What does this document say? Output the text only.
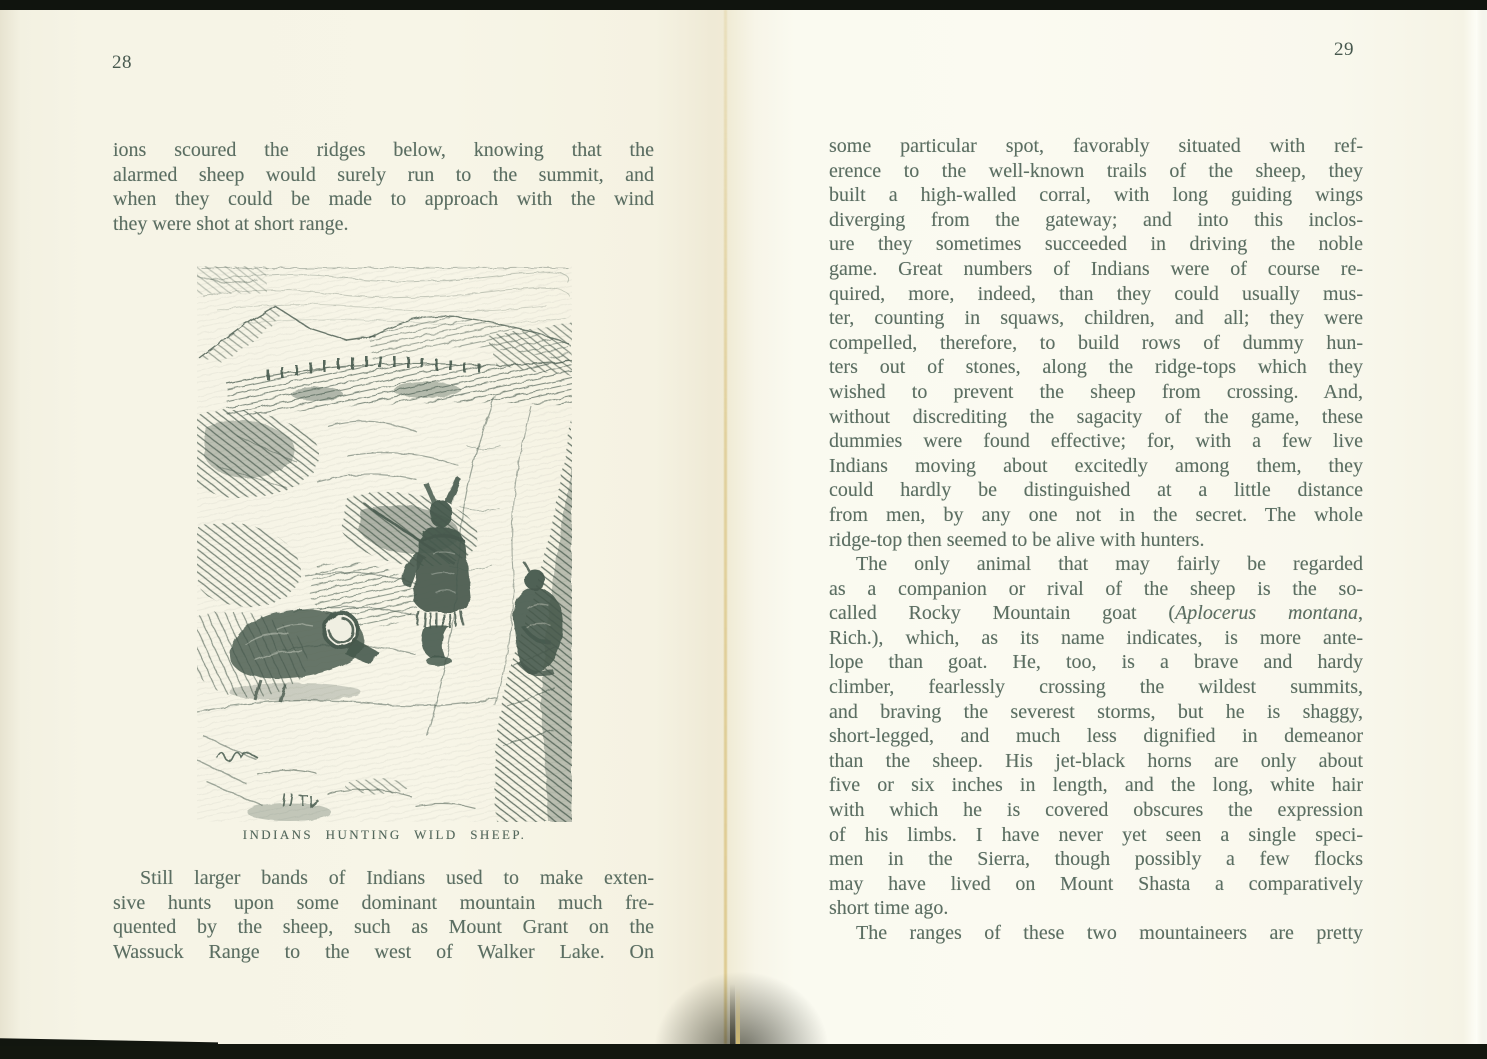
28
ions scoured the ridges below, knowing that the
alarmed sheep would surely run to the summit, and
when they could be made to approach with the wind
they were shot at short range.
INDIANS HUNTING WILD SHEEP.
Still larger bands of Indians used to make exten-
sive hunts upon some dominant mountain much fre-
quented by the sheep, such as Mount Grant on the
Wassuck Range to the west of Walker Lake. On
29
some particular spot, favorably situated with ref-
erence to the well-known trails of the sheep, they
built a high-walled corral, with long guiding wings
diverging from the gateway; and into this inclos-
ure they sometimes succeeded in driving the noble
game. Great numbers of Indians were of course re-
quired, more, indeed, than they could usually mus-
ter, counting in squaws, children, and all; they were
compelled, therefore, to build rows of dummy hun-
ters out of stones, along the ridge-tops which they
wished to prevent the sheep from crossing. And,
without discrediting the sagacity of the game, these
dummies were found effective; for, with a few live
Indians moving about excitedly among them, they
could hardly be distinguished at a little distance
from men, by any one not in the secret. The whole
ridge-top then seemed to be alive with hunters.
The only animal that may fairly be regarded
as a companion or rival of the sheep is the so-
called Rocky Mountain goat (Aplocerus montana,
Rich.), which, as its name indicates, is more ante-
lope than goat. He, too, is a brave and hardy
climber, fearlessly crossing the wildest summits,
and braving the severest storms, but he is shaggy,
short-legged, and much less dignified in demeanor
than the sheep. His jet-black horns are only about
five or six inches in length, and the long, white hair
with which he is covered obscures the expression
of his limbs. I have never yet seen a single speci-
men in the Sierra, though possibly a few flocks
may have lived on Mount Shasta a comparatively
short time ago.
The ranges of these two mountaineers are pretty
